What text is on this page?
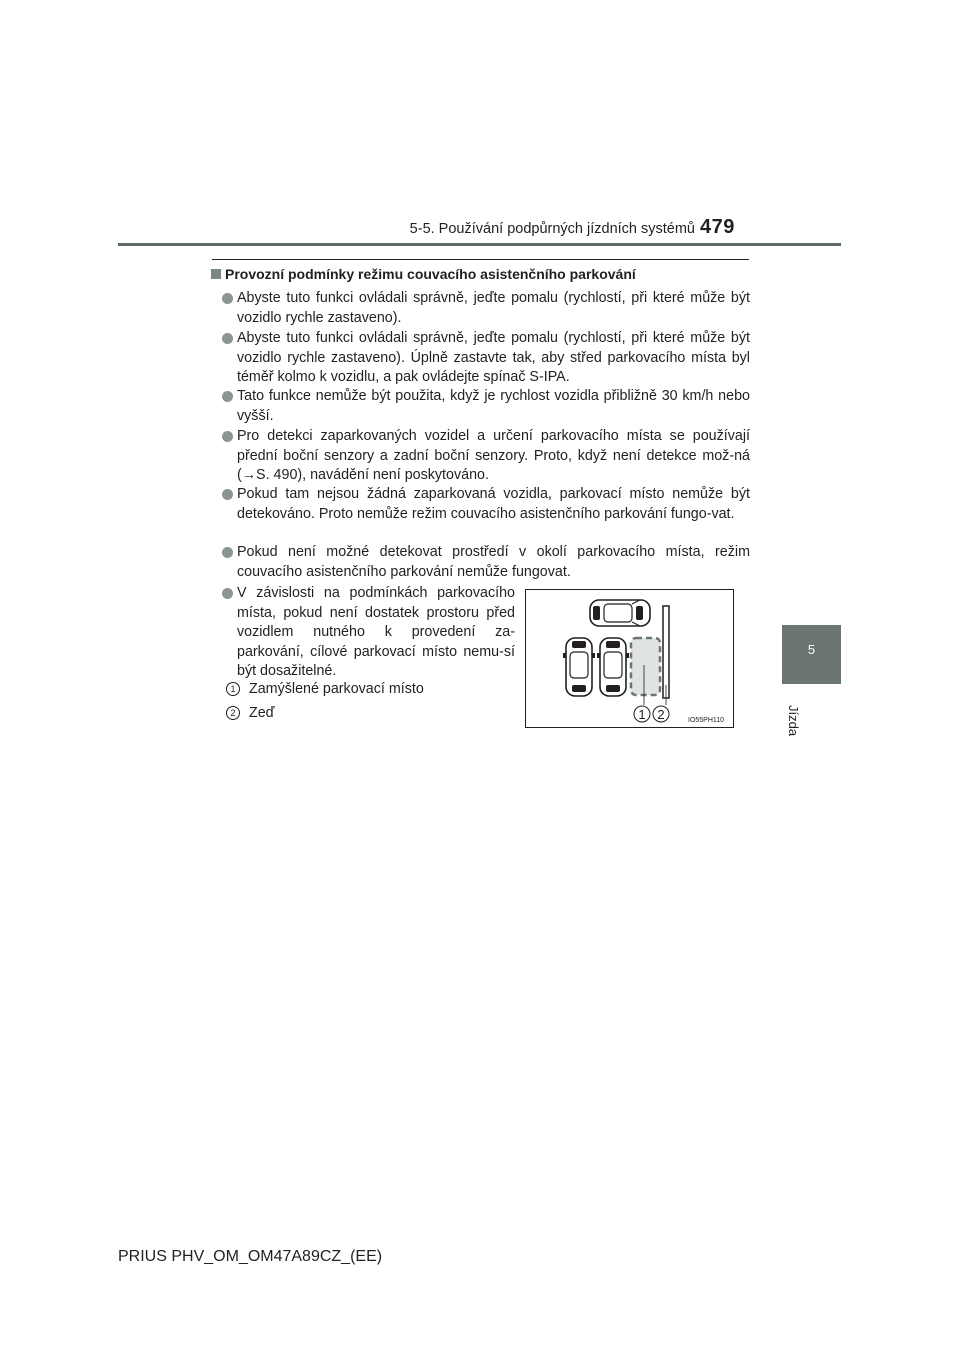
5-5. Používání podpůrných jízdních systémů 479
5
Jízda
Provozní podmínky režimu couvacího asistenčního parkování
Abyste tuto funkci ovládali správně, jeďte pomalu (rychlostí, při které může být vozidlo rychle zastaveno).
Abyste tuto funkci ovládali správně, jeďte pomalu (rychlostí, při které může být vozidlo rychle zastaveno). Úplně zastavte tak, aby střed parkovacího místa byl téměř kolmo k vozidlu, a pak ovládejte spínač S-IPA.
Tato funkce nemůže být použita, když je rychlost vozidla přibližně 30 km/h nebo vyšší.
Pro detekci zaparkovaných vozidel a určení parkovacího místa se používají přední boční senzory a zadní boční senzory. Proto, když není detekce mož-ná (→S. 490), navádění není poskytováno.
Pokud tam nejsou žádná zaparkovaná vozidla, parkovací místo nemůže být detekováno. Proto nemůže režim couvacího asistenčního parkování fungo-vat.
Pokud není možné detekovat prostředí v okolí parkovacího místa, režim couvacího asistenčního parkování nemůže fungovat.
V závislosti na podmínkách parkovacího místa, pokud není dostatek prostoru před vozidlem nutného k provedení za-parkování, cílové parkovací místo nemu-sí být dosažitelné.
1 Zamýšlené parkovací místo
2 Zeď	1 2	IO55PH110
PRIUS PHV_OM_OM47A89CZ_(EE)
